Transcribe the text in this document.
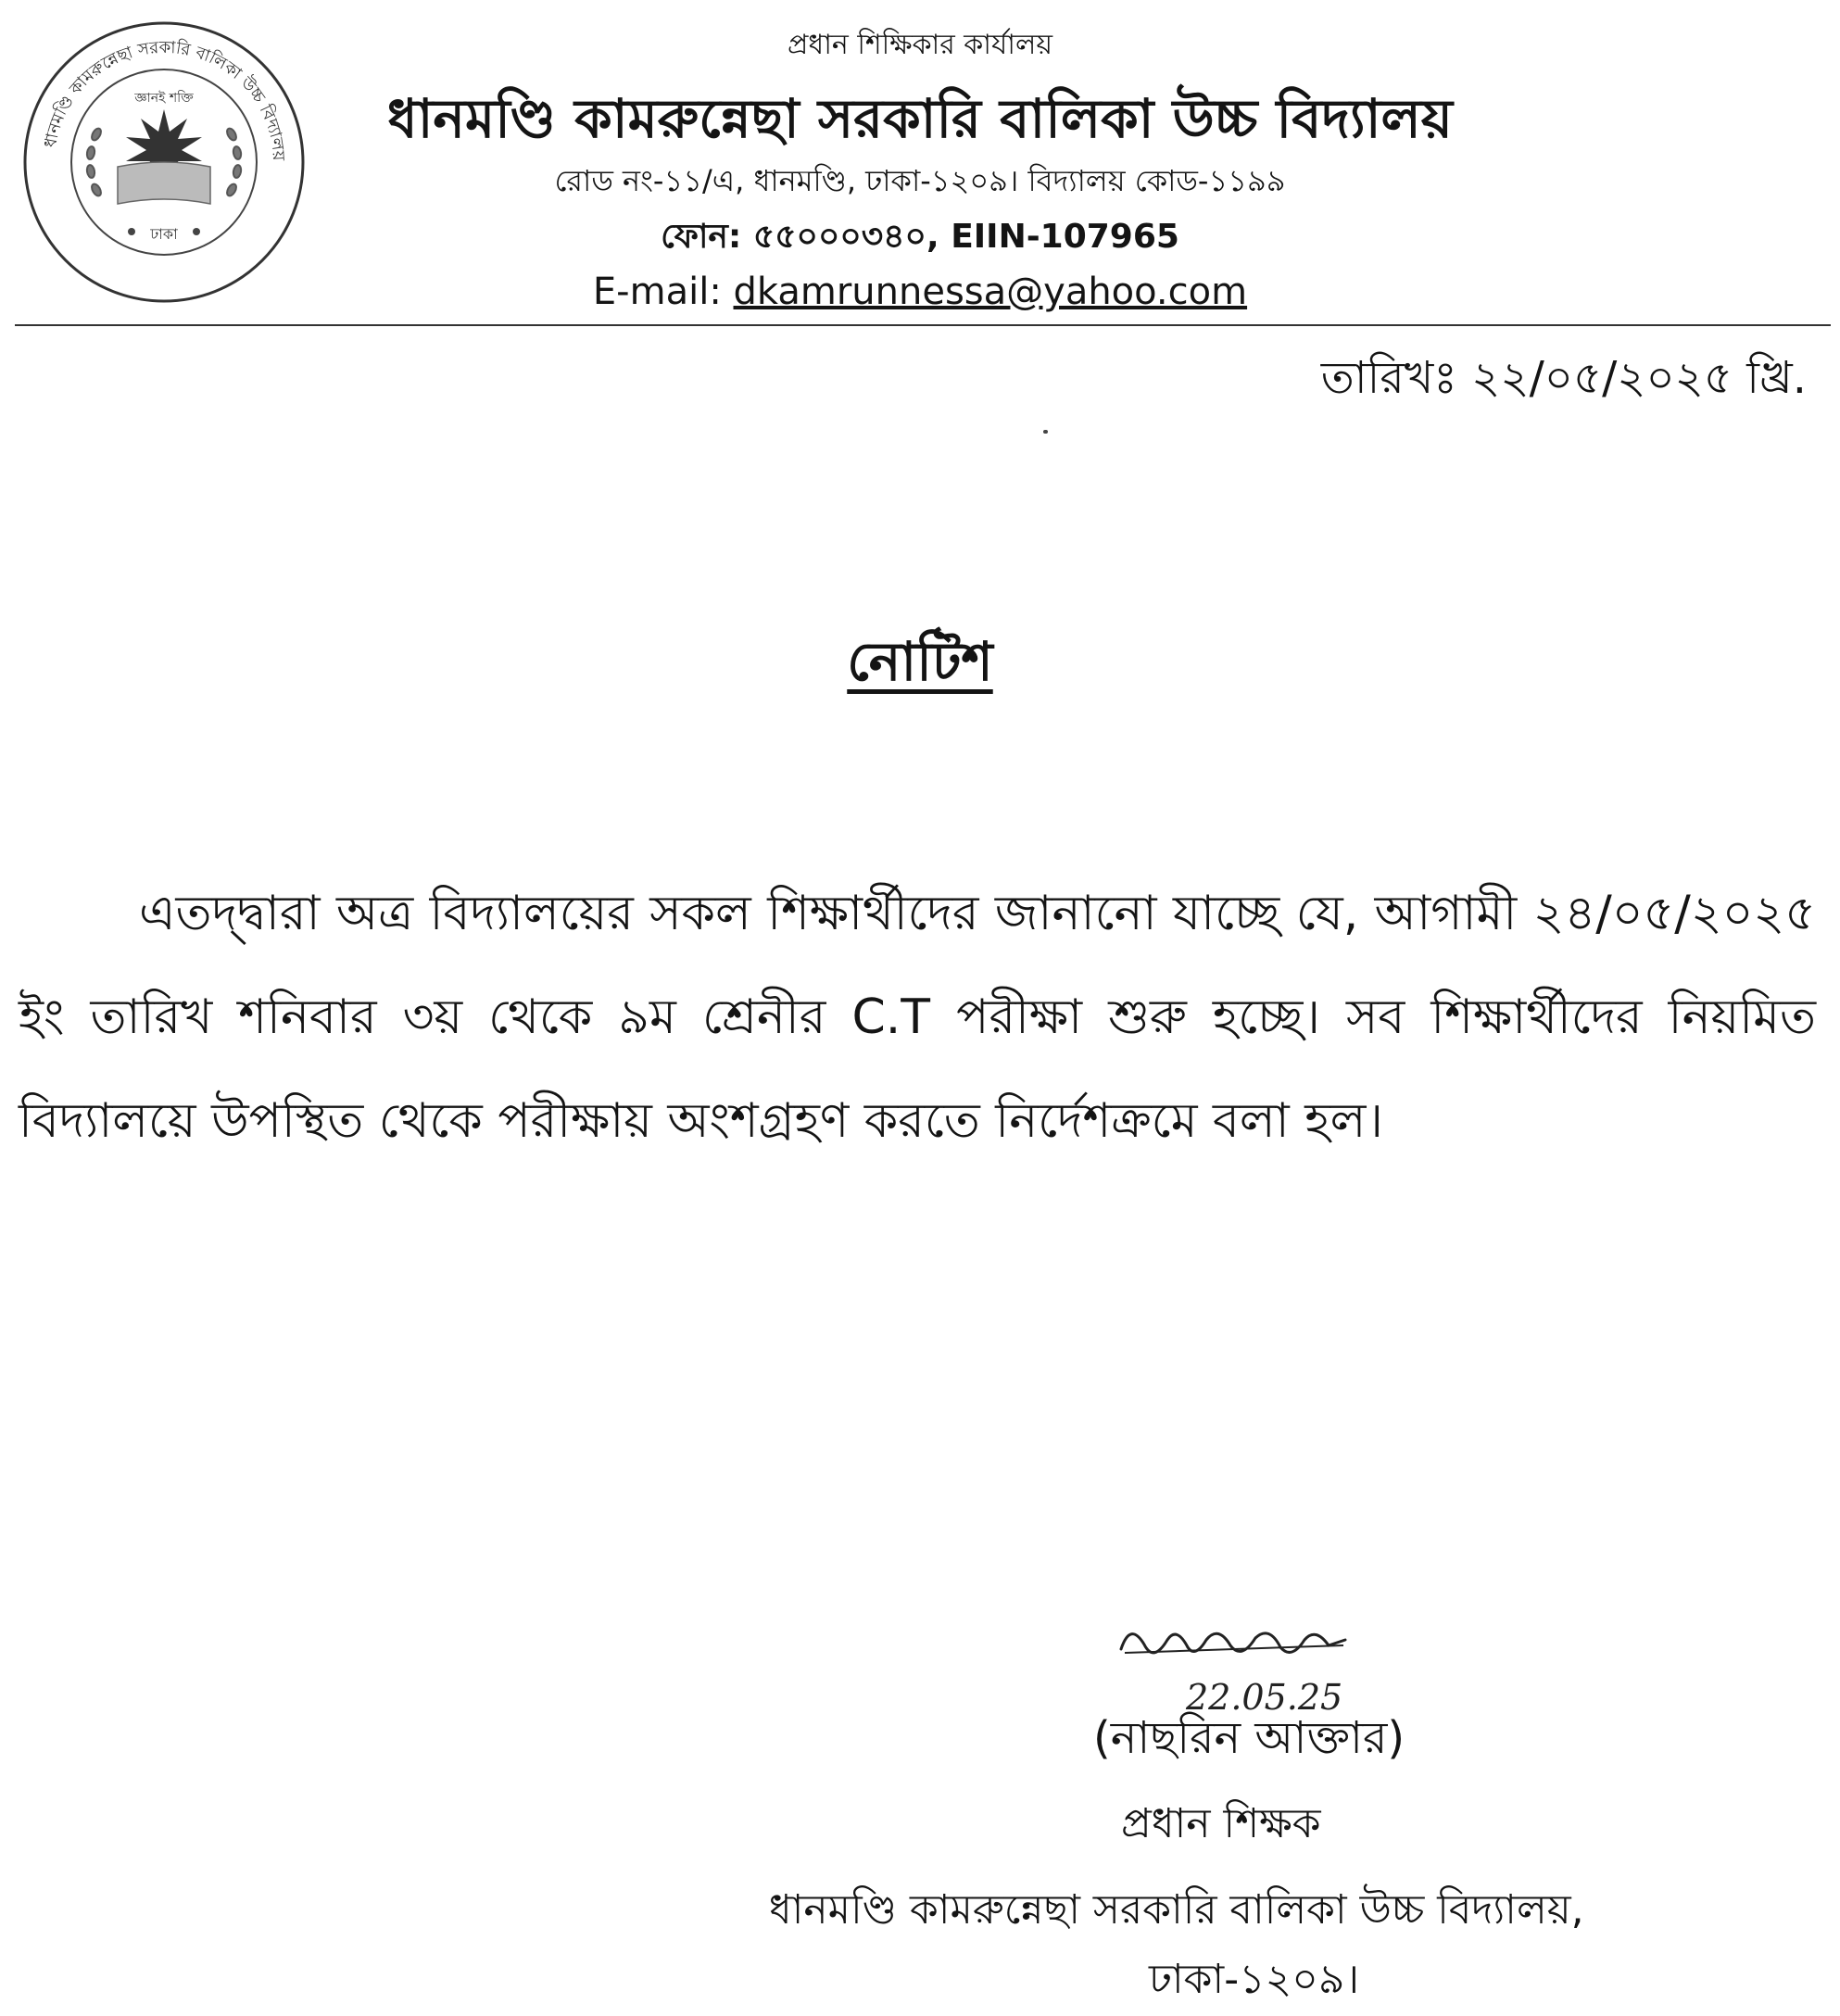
ধানমণ্ডি কামরুন্নেছা সরকারি বালিকা উচ্চ বিদ্যালয়
জ্ঞানই শক্তি
ঢাকা
প্রধান শিক্ষিকার কার্যালয়
ধানমণ্ডি কামরুন্নেছা সরকারি বালিকা উচ্চ বিদ্যালয়
রোড নং-১১/এ, ধানমণ্ডি, ঢাকা-১২০৯। বিদ্যালয় কোড-১১৯৯
ফোন: ৫৫০০০৩৪০, EIIN-107965
E-mail: dkamrunnessa@yahoo.com
তারিখঃ ২২/০৫/২০২৫ খ্রি.
নোটিশ
এতদ্দ্বারা অত্র বিদ্যালয়ের সকল শিক্ষার্থীদের জানানো যাচ্ছে যে, আগামী ২৪/০৫/২০২৫ ইং তারিখ শনিবার ৩য় থেকে ৯ম শ্রেনীর C.T পরীক্ষা শুরু হচ্ছে। সব শিক্ষার্থীদের নিয়মিত বিদ্যালয়ে উপস্থিত থেকে পরীক্ষায় অংশগ্রহণ করতে নির্দেশক্রমে বলা হল।
22.05.25
(নাছরিন আক্তার)
প্রধান শিক্ষক
ধানমণ্ডি কামরুন্নেছা সরকারি বালিকা উচ্চ বিদ্যালয়,
ঢাকা-১২০৯।
